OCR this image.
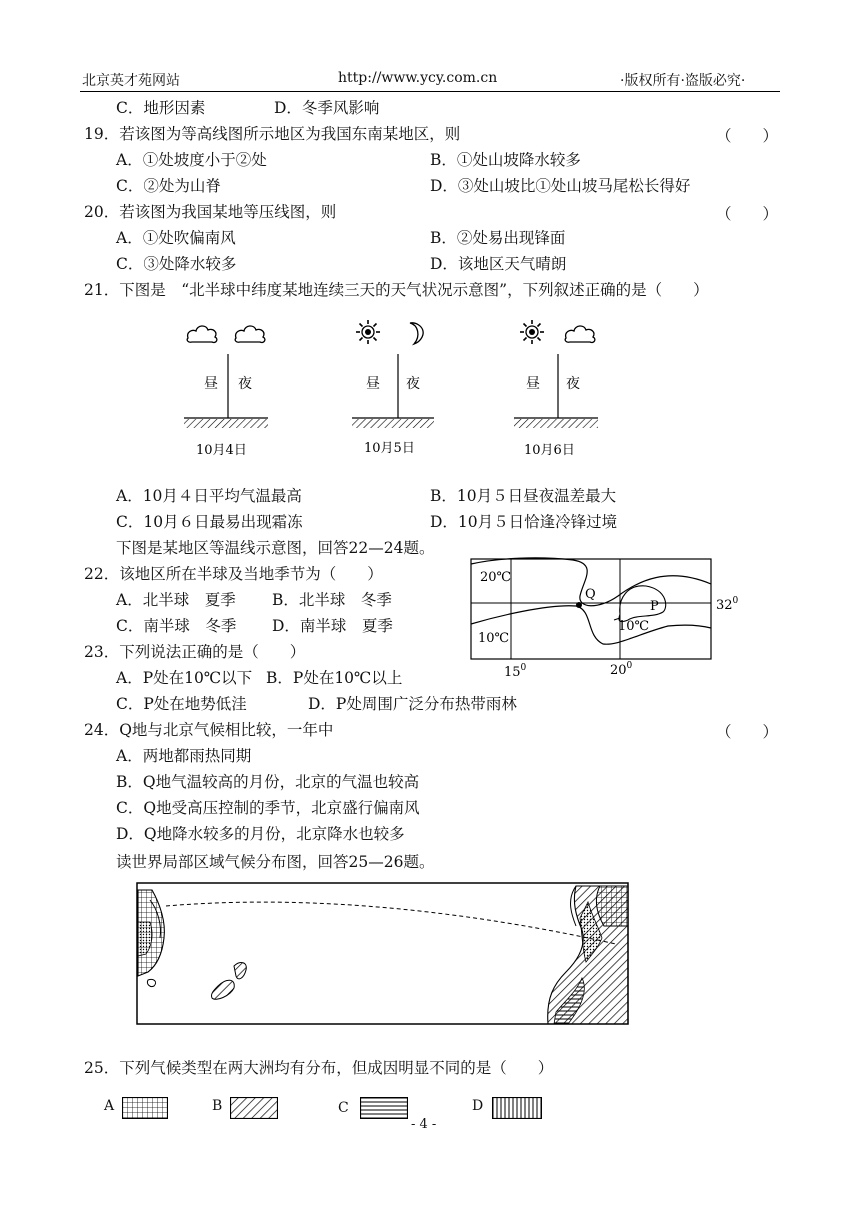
北京英才苑网站	http://www.ycy.com.cn	·版权所有·盗版必究·
C．地形因素	D．冬季风影响
19．若该图为等高线图所示地区为我国东南某地区，则	（　　）
A．①处坡度小于②处	B．①处山坡降水较多
C．②处为山脊	D．③处山坡比①处山坡马尾松长得好
20．若该图为我国某地等压线图，则	（　　）
A．①处吹偏南风	B．②处易出现锋面
C．③处降水较多	D．该地区天气晴朗
21．下图是　“北半球中纬度某地连续三天的天气状况示意图”，下列叙述正确的是（　　）
昼 夜
10月4日
昼 夜
10月5日
昼 夜
10月6日
A．10月４日平均气温最高	B．10月５日昼夜温差最大
C．10月６日最易出现霜冻	D．10月５日恰逢冷锋过境
下图是某地区等温线示意图，回答22—24题。
22．该地区所在半球及当地季节为（　　）
A．北半球　夏季 B．北半球　冬季
C．南半球　冬季 D．南半球　夏季
23．下列说法正确的是（　　）
A．P处在10℃以下 B．P处在10℃以上
C．P处在地势低洼	D．P处周围广泛分布热带雨林
20℃
10℃
10℃
Q
P	$32^0$
$15^0$	$20^0$
24．Q地与北京气候相比较，一年中	（　　）
A．两地都雨热同期
B．Q地气温较高的月份，北京的气温也较高
C．Q地受高压控制的季节，北京盛行偏南风
D．Q地降水较多的月份，北京降水也较多
读世界局部区域气候分布图，回答25—26题。
25．下列气候类型在两大洲均有分布，但成因明显不同的是（　　）
A	B	C	D
- 4 -
